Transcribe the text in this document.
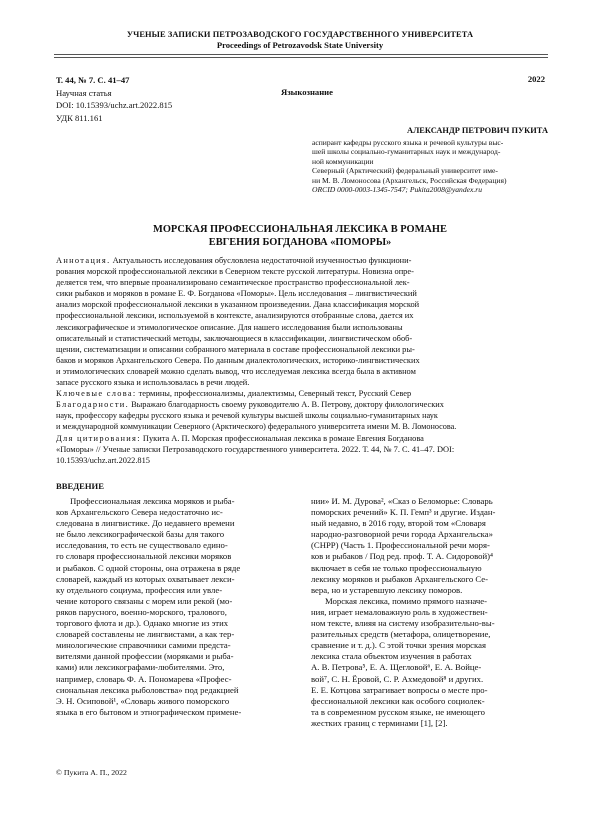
УЧЕНЫЕ ЗАПИСКИ ПЕТРОЗАВОДСКОГО ГОСУДАРСТВЕННОГО УНИВЕРСИТЕТА
Proceedings of Petrozavodsk State University
Т. 44, № 7. С. 41–47
Научная статья
DOI: 10.15393/uchz.art.2022.815
УДК 811.161
2022
Языкознание
АЛЕКСАНДР ПЕТРОВИЧ ПУКИТА
аспирант кафедры русского языка и речевой культуры выс-
шей школы социально-гуманитарных наук и международ-
ной коммуникации
Северный (Арктический) федеральный университет име-
ни М. В. Ломоносова (Архангельск, Российская Федерация)
ORCID 0000-0003-1345-7547; Pukita2008@yandex.ru
МОРСКАЯ ПРОФЕССИОНАЛЬНАЯ ЛЕКСИКА В РОМАНЕ
ЕВГЕНИЯ БОГДАНОВА «ПОМОРЫ»
Аннотация. Актуальность исследования обусловлена недостаточной изученностью функциони-
рования морской профессиональной лексики в Северном тексте русской литературы. Новизна опре-
деляется тем, что впервые проанализировано семантическое пространство профессиональной лек-
сики рыбаков и моряков в романе Е. Ф. Богданова «Поморы». Цель исследования – лингвистический
анализ морской профессиональной лексики в указанном произведении. Дана классификация морской
профессиональной лексики, используемой в контексте, анализируются отобранные слова, дается их
лексикографическое и этимологическое описание. Для нашего исследования были использованы
описательный и статистический методы, заключающиеся в классификации, лингвистическом обоб-
щении, систематизации и описании собранного материала в составе профессиональной лексики ры-
баков и моряков Архангельского Севера. По данным диалектологических, историко-лингвистических
и этимологических словарей можно сделать вывод, что исследуемая лексика всегда была в активном
запасе русского языка и использовалась в речи людей.
Ключевые слова: термины, профессионализмы, диалектизмы, Северный текст, Русский Север
Благодарности. Выражаю благодарность своему руководителю А. В. Петрову, доктору филологических
наук, профессору кафедры русского языка и речевой культуры высшей школы социально-гуманитарных наук
и международной коммуникации Северного (Арктического) федерального университета имени М. В. Ломоносова.
Для цитирования: Пукита А. П. Морская профессиональная лексика в романе Евгения Богданова
«Поморы» // Ученые записки Петрозаводского государственного университета. 2022. Т. 44, № 7. С. 41–47. DOI:
10.15393/uchz.art.2022.815
ВВЕДЕНИЕ
Профессиональная лексика моряков и рыба-
ков Архангельского Севера недостаточно ис-
следована в лингвистике. До недавнего времени
не было лексикографической базы для такого
исследования, то есть не существовало едино-
го словаря профессиональной лексики моряков
и рыбаков. С одной стороны, она отражена в ряде
словарей, каждый из которых охватывает лекси-
ку отдельного социума, профессия или увле-
чение которого связаны с морем или рекой (мо-
ряков парусного, военно-морского, тралового,
торгового флота и др.). Однако многие из этих
словарей составлены не лингвистами, а как тер-
минологические справочники самими предста-
вителями данной профессии (моряками и рыба-
ками) или лексикографами-любителями. Это,
например, словарь Ф. А. Пономарева «Профес-
сиональная лексика рыболовства» под редакцией
Э. Н. Осиповой¹, «Словарь живого поморского
языка в его бытовом и этнографическом примене-
нии» И. М. Дурова², «Сказ о Беломорье: Словарь
поморских речений» К. П. Гемп³ и другие. Издан-
ный недавно, в 2016 году, второй том «Словаря
народно-разговорной речи города Архангельска»
(СНРР) (Часть 1. Профессиональной речи моря-
ков и рыбаков / Под ред. проф. Т. А. Сидоровой)⁴
включает в себя не только профессиональную
лексику моряков и рыбаков Архангельского Се-
вера, но и устаревшую лексику поморов.
Морская лексика, помимо прямого назначе-
ния, играет немаловажную роль в художествен-
ном тексте, влияя на систему изобразительно-вы-
разительных средств (метафора, олицетворение,
сравнение и т. д.). С этой точки зрения морская
лексика стала объектом изучения в работах
А. В. Петрова⁵, Е. А. Щегловой⁶, Е. А. Войце-
вой⁷, С. Н. Ёровой, С. Р. Ахмедовой⁸ и других.
Е. Е. Котцова затрагивает вопросы о месте про-
фессиональной лексики как особого социолек-
та в современном русском языке, не имеющего
жестких границ с терминами [1], [2].
© Пукита А. П., 2022
